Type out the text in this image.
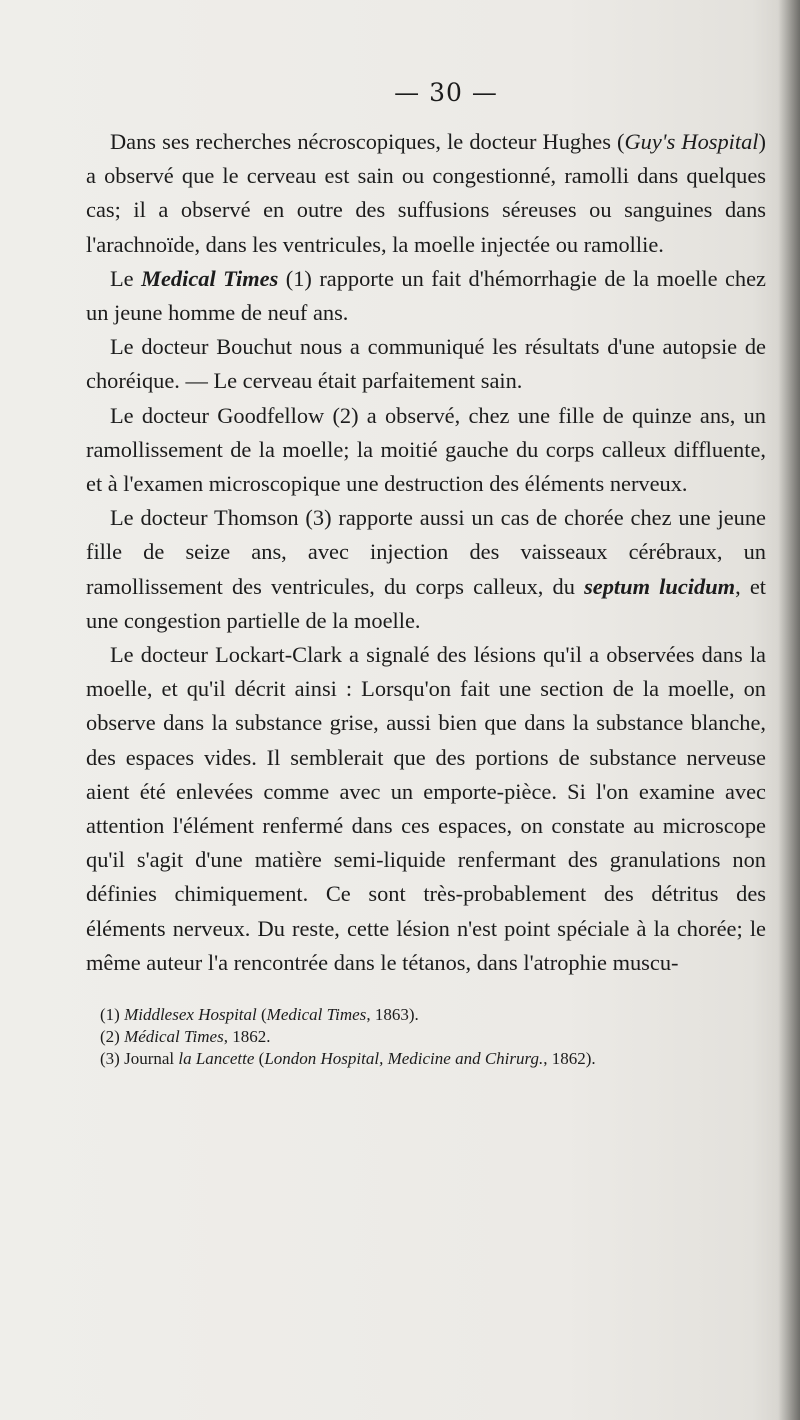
— 30 —

Dans ses recherches nécroscopiques, le docteur Hughes (Guy's Hospital) a observé que le cerveau est sain ou congestionné, ramolli dans quelques cas; il a observé en outre des suffusions séreuses ou sanguines dans l'arachnoïde, dans les ventricules, la moelle injectée ou ramollie.

Le Medical Times (1) rapporte un fait d'hémorrhagie de la moelle chez un jeune homme de neuf ans.

Le docteur Bouchut nous a communiqué les résultats d'une autopsie de choréique. — Le cerveau était parfaitement sain.

Le docteur Goodfellow (2) a observé, chez une fille de quinze ans, un ramollissement de la moelle; la moitié gauche du corps calleux diffluente, et à l'examen microscopique une destruction des éléments nerveux.

Le docteur Thomson (3) rapporte aussi un cas de chorée chez une jeune fille de seize ans, avec injection des vaisseaux cérébraux, un ramollissement des ventricules, du corps calleux, du septum lucidum, et une congestion partielle de la moelle.

Le docteur Lockart-Clark a signalé des lésions qu'il a observées dans la moelle, et qu'il décrit ainsi : Lorsqu'on fait une section de la moelle, on observe dans la substance grise, aussi bien que dans la substance blanche, des espaces vides. Il semblerait que des portions de substance nerveuse aient été enlevées comme avec un emporte-pièce. Si l'on examine avec attention l'élément renfermé dans ces espaces, on constate au microscope qu'il s'agit d'une matière semi-liquide renfermant des granulations non définies chimiquement. Ce sont très-probablement des détritus des éléments nerveux. Du reste, cette lésion n'est point spéciale à la chorée; le même auteur l'a rencontrée dans le tétanos, dans l'atrophie muscu-

(1) Middlesex Hospital (Medical Times, 1863).
(2) Médical Times, 1862.
(3) Journal la Lancette (London Hospital, Medicine and Chirurg., 1862).
